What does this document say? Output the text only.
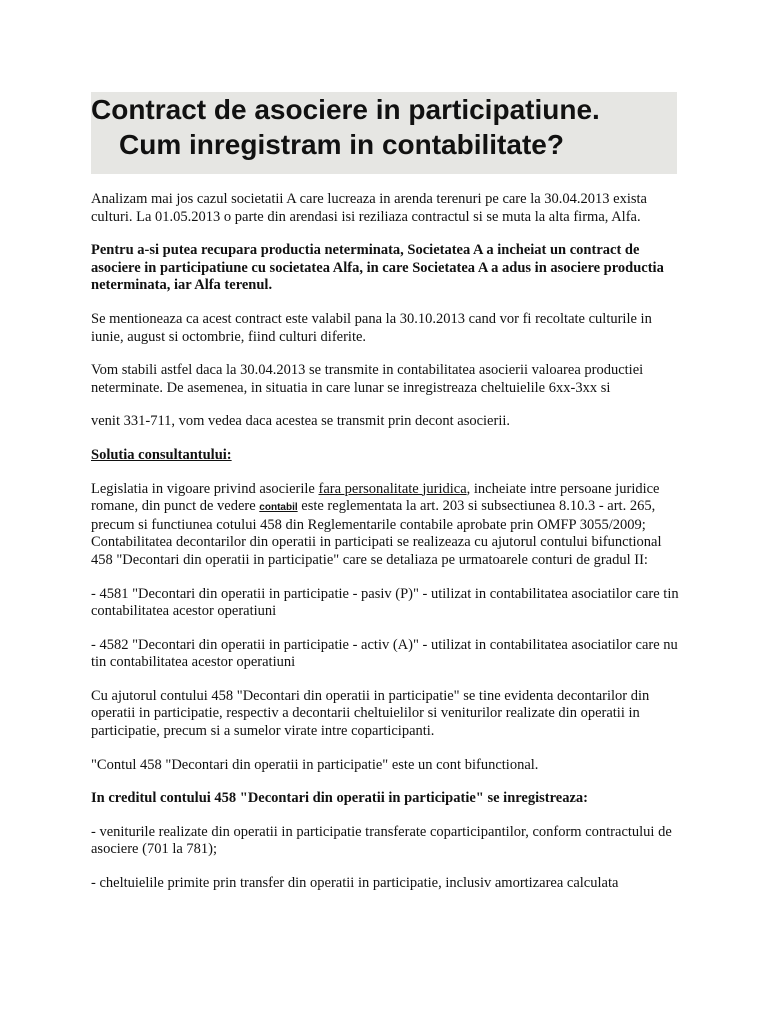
Contract de asociere in participatiune.
Cum inregistram in contabilitate?

Analizam mai jos cazul societatii A care lucreaza in arenda terenuri pe care la 30.04.2013 exista culturi. La 01.05.2013 o parte din arendasi isi reziliaza contractul si se muta la alta firma, Alfa.

Pentru a-si putea recupara productia neterminata, Societatea A a incheiat un contract de asociere in participatiune cu societatea Alfa, in care Societatea A a adus in asociere productia neterminata, iar Alfa terenul.

Se mentioneaza ca acest contract este valabil pana la 30.10.2013 cand vor fi recoltate culturile in iunie, august si octombrie, fiind culturi diferite.

Vom stabili astfel daca la 30.04.2013 se transmite in contabilitatea asocierii valoarea productiei neterminate. De asemenea, in situatia in care lunar se inregistreaza cheltuielile 6xx-3xx si

venit 331-711, vom vedea daca acestea se transmit prin decont asocierii.

Solutia consultantului:

Legislatia in vigoare privind asocierile fara personalitate juridica, incheiate intre persoane juridice romane, din punct de vedere contabil este reglementata la art. 203 si subsectiunea 8.10.3 - art. 265, precum si functiunea cotului 458 din Reglementarile contabile aprobate prin OMFP 3055/2009;

Contabilitatea decontarilor din operatii in participati se realizeaza cu ajutorul contului bifunctional 458 "Decontari din operatii in participatie" care se detaliaza pe urmatoarele conturi de gradul II:

- 4581 "Decontari din operatii in participatie - pasiv (P)" - utilizat in contabilitatea asociatilor care tin contabilitatea acestor operatiuni

- 4582 "Decontari din operatii in participatie - activ (A)" - utilizat in contabilitatea asociatilor care nu tin contabilitatea acestor operatiuni

Cu ajutorul contului 458 "Decontari din operatii in participatie" se tine evidenta decontarilor din operatii in participatie, respectiv a decontarii cheltuielilor si veniturilor realizate din operatii in participatie, precum si a sumelor virate intre coparticipanti.

"Contul 458 "Decontari din operatii in participatie" este un cont bifunctional.

In creditul contului 458 "Decontari din operatii in participatie" se inregistreaza:

- veniturile realizate din operatii in participatie transferate coparticipantilor, conform contractului de asociere (701 la 781);

- cheltuielile primite prin transfer din operatii in participatie, inclusiv amortizarea calculata
